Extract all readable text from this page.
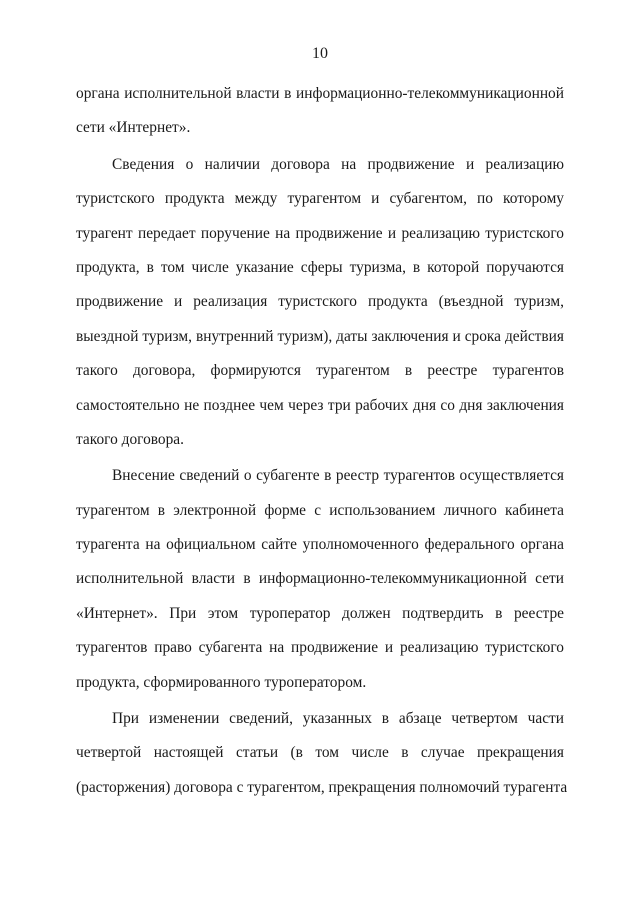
10
органа исполнительной власти в информационно-телекоммуникационной
сети «Интернет».
Сведения о наличии договора на продвижение и реализацию
туристского продукта между турагентом и субагентом, по которому
турагент передает поручение на продвижение и реализацию туристского
продукта, в том числе указание сферы туризма, в которой поручаются
продвижение и реализация туристского продукта (въездной туризм,
выездной туризм, внутренний туризм), даты заключения и срока действия
такого договора, формируются турагентом в реестре турагентов
самостоятельно не позднее чем через три рабочих дня со дня заключения
такого договора.
Внесение сведений о субагенте в реестр турагентов осуществляется
турагентом в электронной форме с использованием личного кабинета
турагента на официальном сайте уполномоченного федерального органа
исполнительной власти в информационно-телекоммуникационной сети
«Интернет». При этом туроператор должен подтвердить в реестре
турагентов право субагента на продвижение и реализацию туристского
продукта, сформированного туроператором.
При изменении сведений, указанных в абзаце четвертом части
четвертой настоящей статьи (в том числе в случае прекращения
(расторжения) договора с турагентом, прекращения полномочий турагента
